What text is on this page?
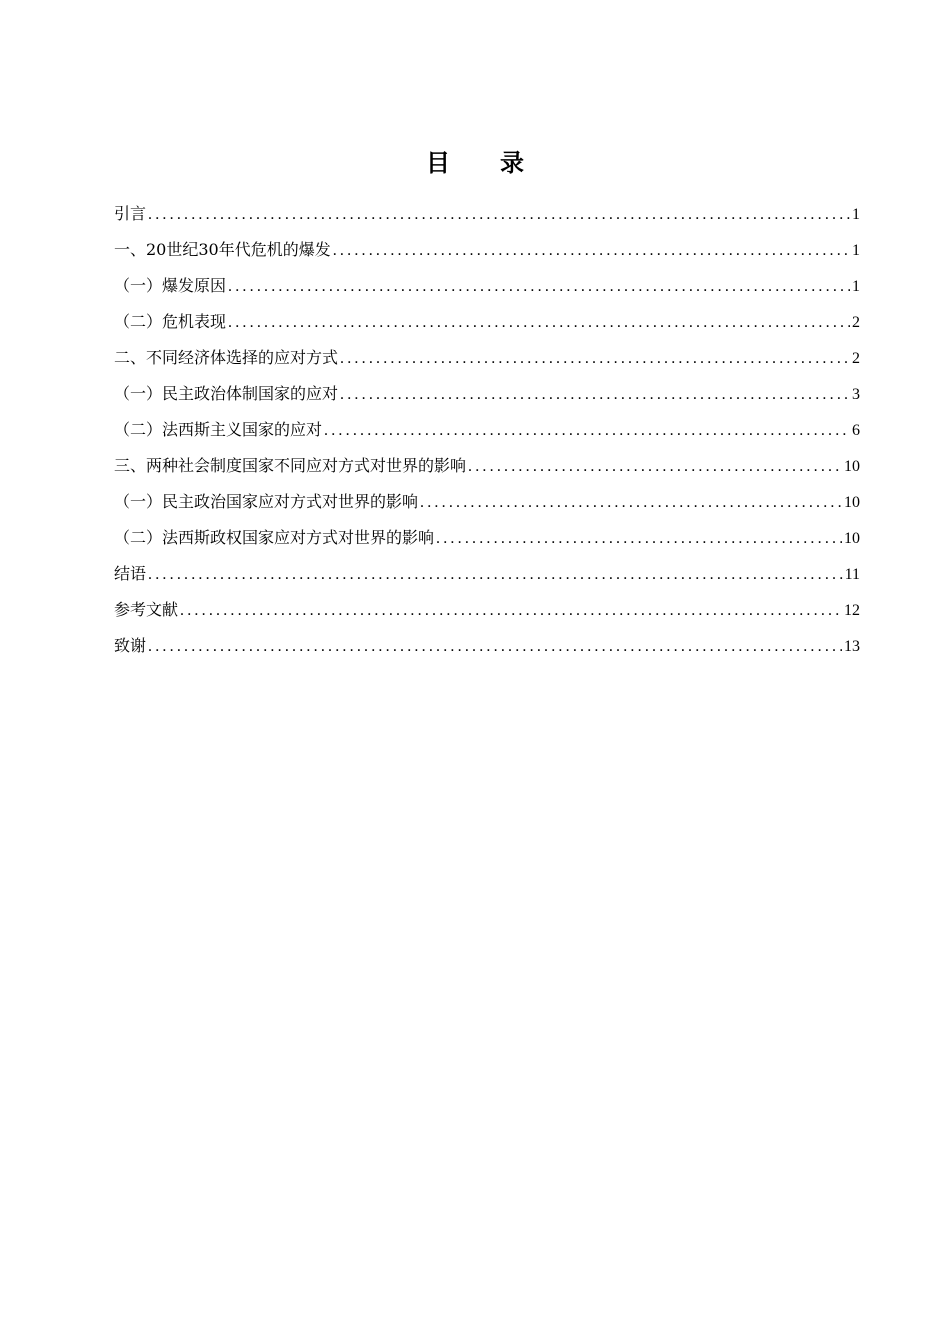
目 录
引言 .....	1
一、20世纪30年代危机的爆发 .....	1
（一）爆发原因 .....	1
（二）危机表现 .....	2
二、不同经济体选择的应对方式 .....	2
（一）民主政治体制国家的应对 .....	3
（二）法西斯主义国家的应对 .....	6
三、两种社会制度国家不同应对方式对世界的影响 .....	10
（一）民主政治国家应对方式对世界的影响 .....	10
（二）法西斯政权国家应对方式对世界的影响 .....	10
结语 .....	11
参考文献 .....	12
致谢 .....	13
